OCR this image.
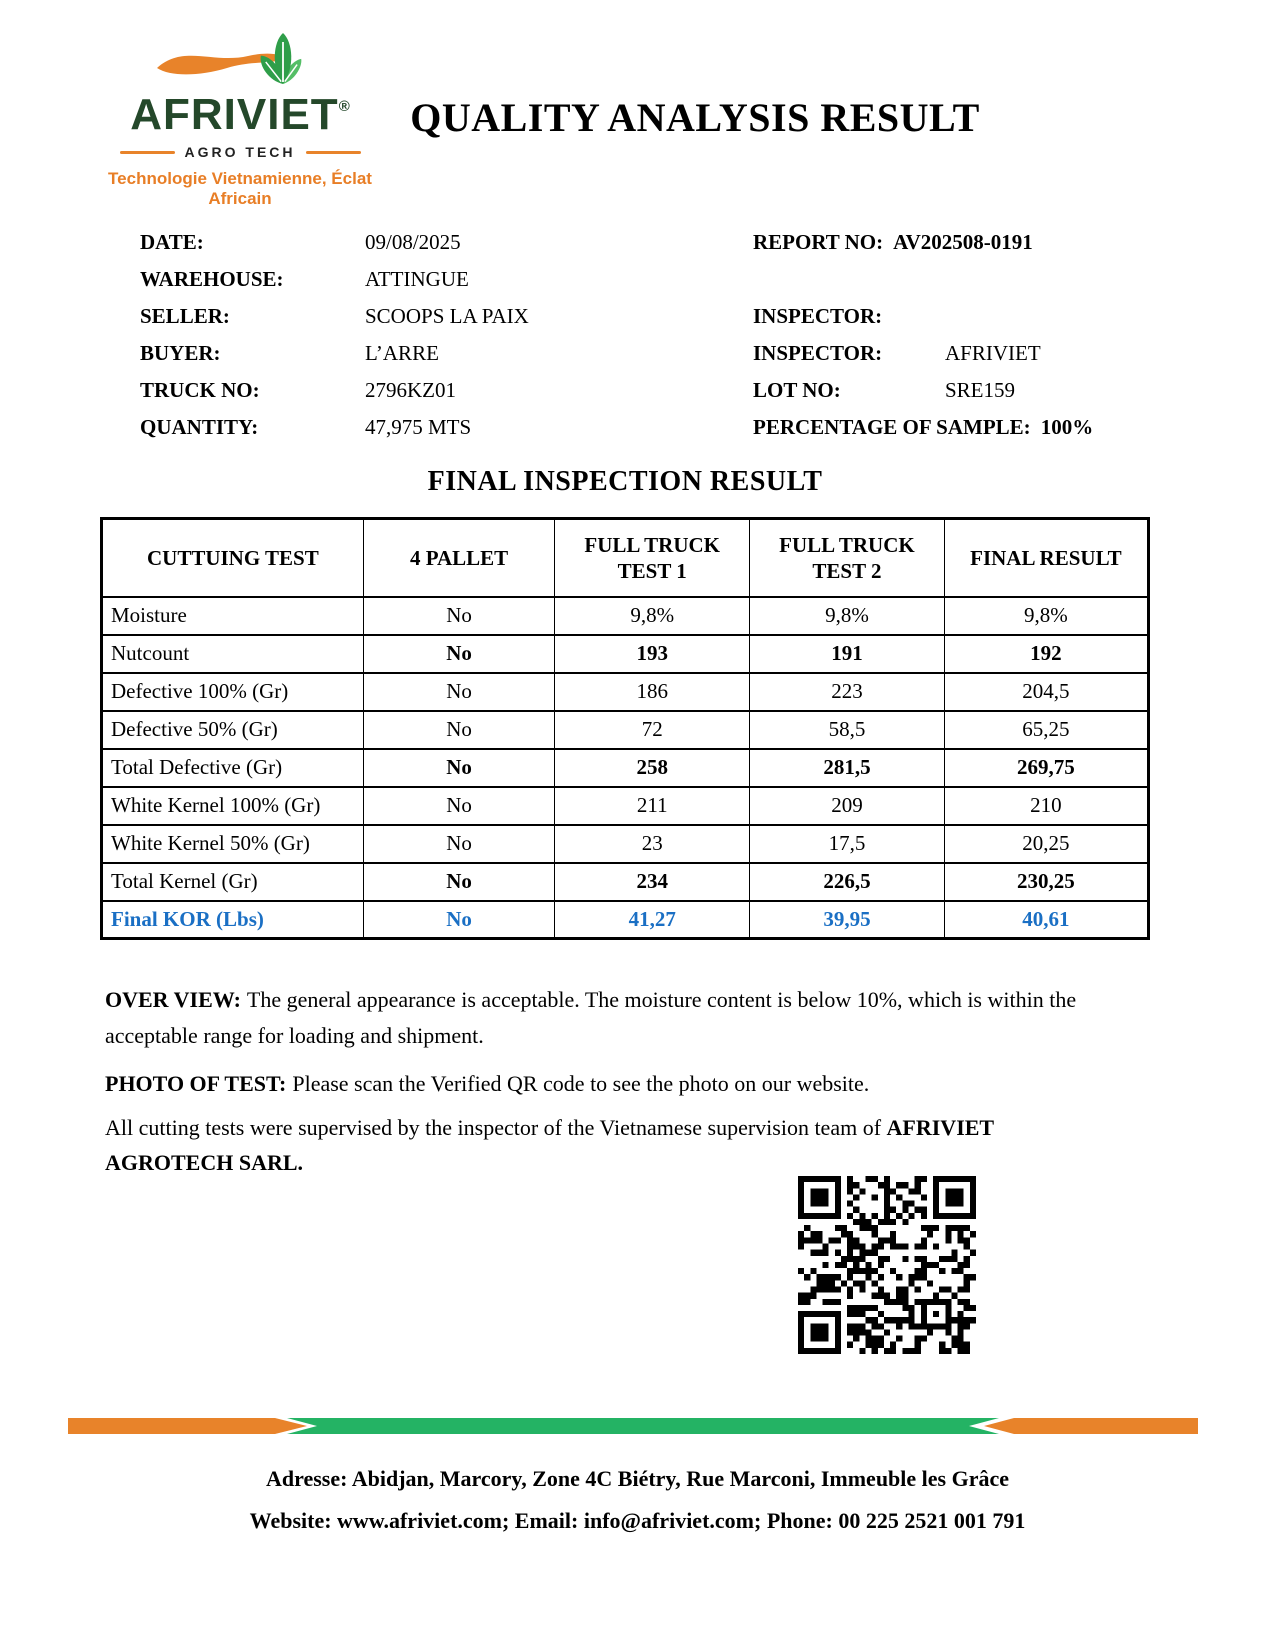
AFRIVIET®
AGRO TECH
Technologie Vietnamienne, Éclat Africain
QUALITY ANALYSIS RESULT
DATE:	09/08/2025
WAREHOUSE:	ATTINGUE
SELLER:	SCOOPS LA PAIX
BUYER:	L’ARRE
TRUCK NO:	2796KZ01
QUANTITY:	47,975 MTS
REPORT NO: AV202508-0191
INSPECTOR:
INSPECTOR:	AFRIVIET
LOT NO:	SRE159
PERCENTAGE OF SAMPLE: 100%
FINAL INSPECTION RESULT
CUTTUING TEST	4 PALLET	FULL TRUCK TEST 1	FULL TRUCK TEST 2	FINAL RESULT
Moisture	No	9,8%	9,8%	9,8%
Nutcount	No	193	191	192
Defective 100% (Gr)	No	186	223	204,5
Defective 50% (Gr)	No	72	58,5	65,25
Total Defective (Gr)	No	258	281,5	269,75
White Kernel 100% (Gr)	No	211	209	210
White Kernel 50% (Gr)	No	23	17,5	20,25
Total Kernel (Gr)	No	234	226,5	230,25
Final KOR (Lbs)	No	41,27	39,95	40,61

OVER VIEW: The general appearance is acceptable. The moisture content is below 10%, which is within the acceptable range for loading and shipment.

PHOTO OF TEST: Please scan the Verified QR code to see the photo on our website.

All cutting tests were supervised by the inspector of the Vietnamese supervision team of AFRIVIET AGROTECH SARL.

Adresse: Abidjan, Marcory, Zone 4C Biétry, Rue Marconi, Immeuble les Grâce
Website: www.afriviet.com; Email: info@afriviet.com; Phone: 00 225 2521 001 791
